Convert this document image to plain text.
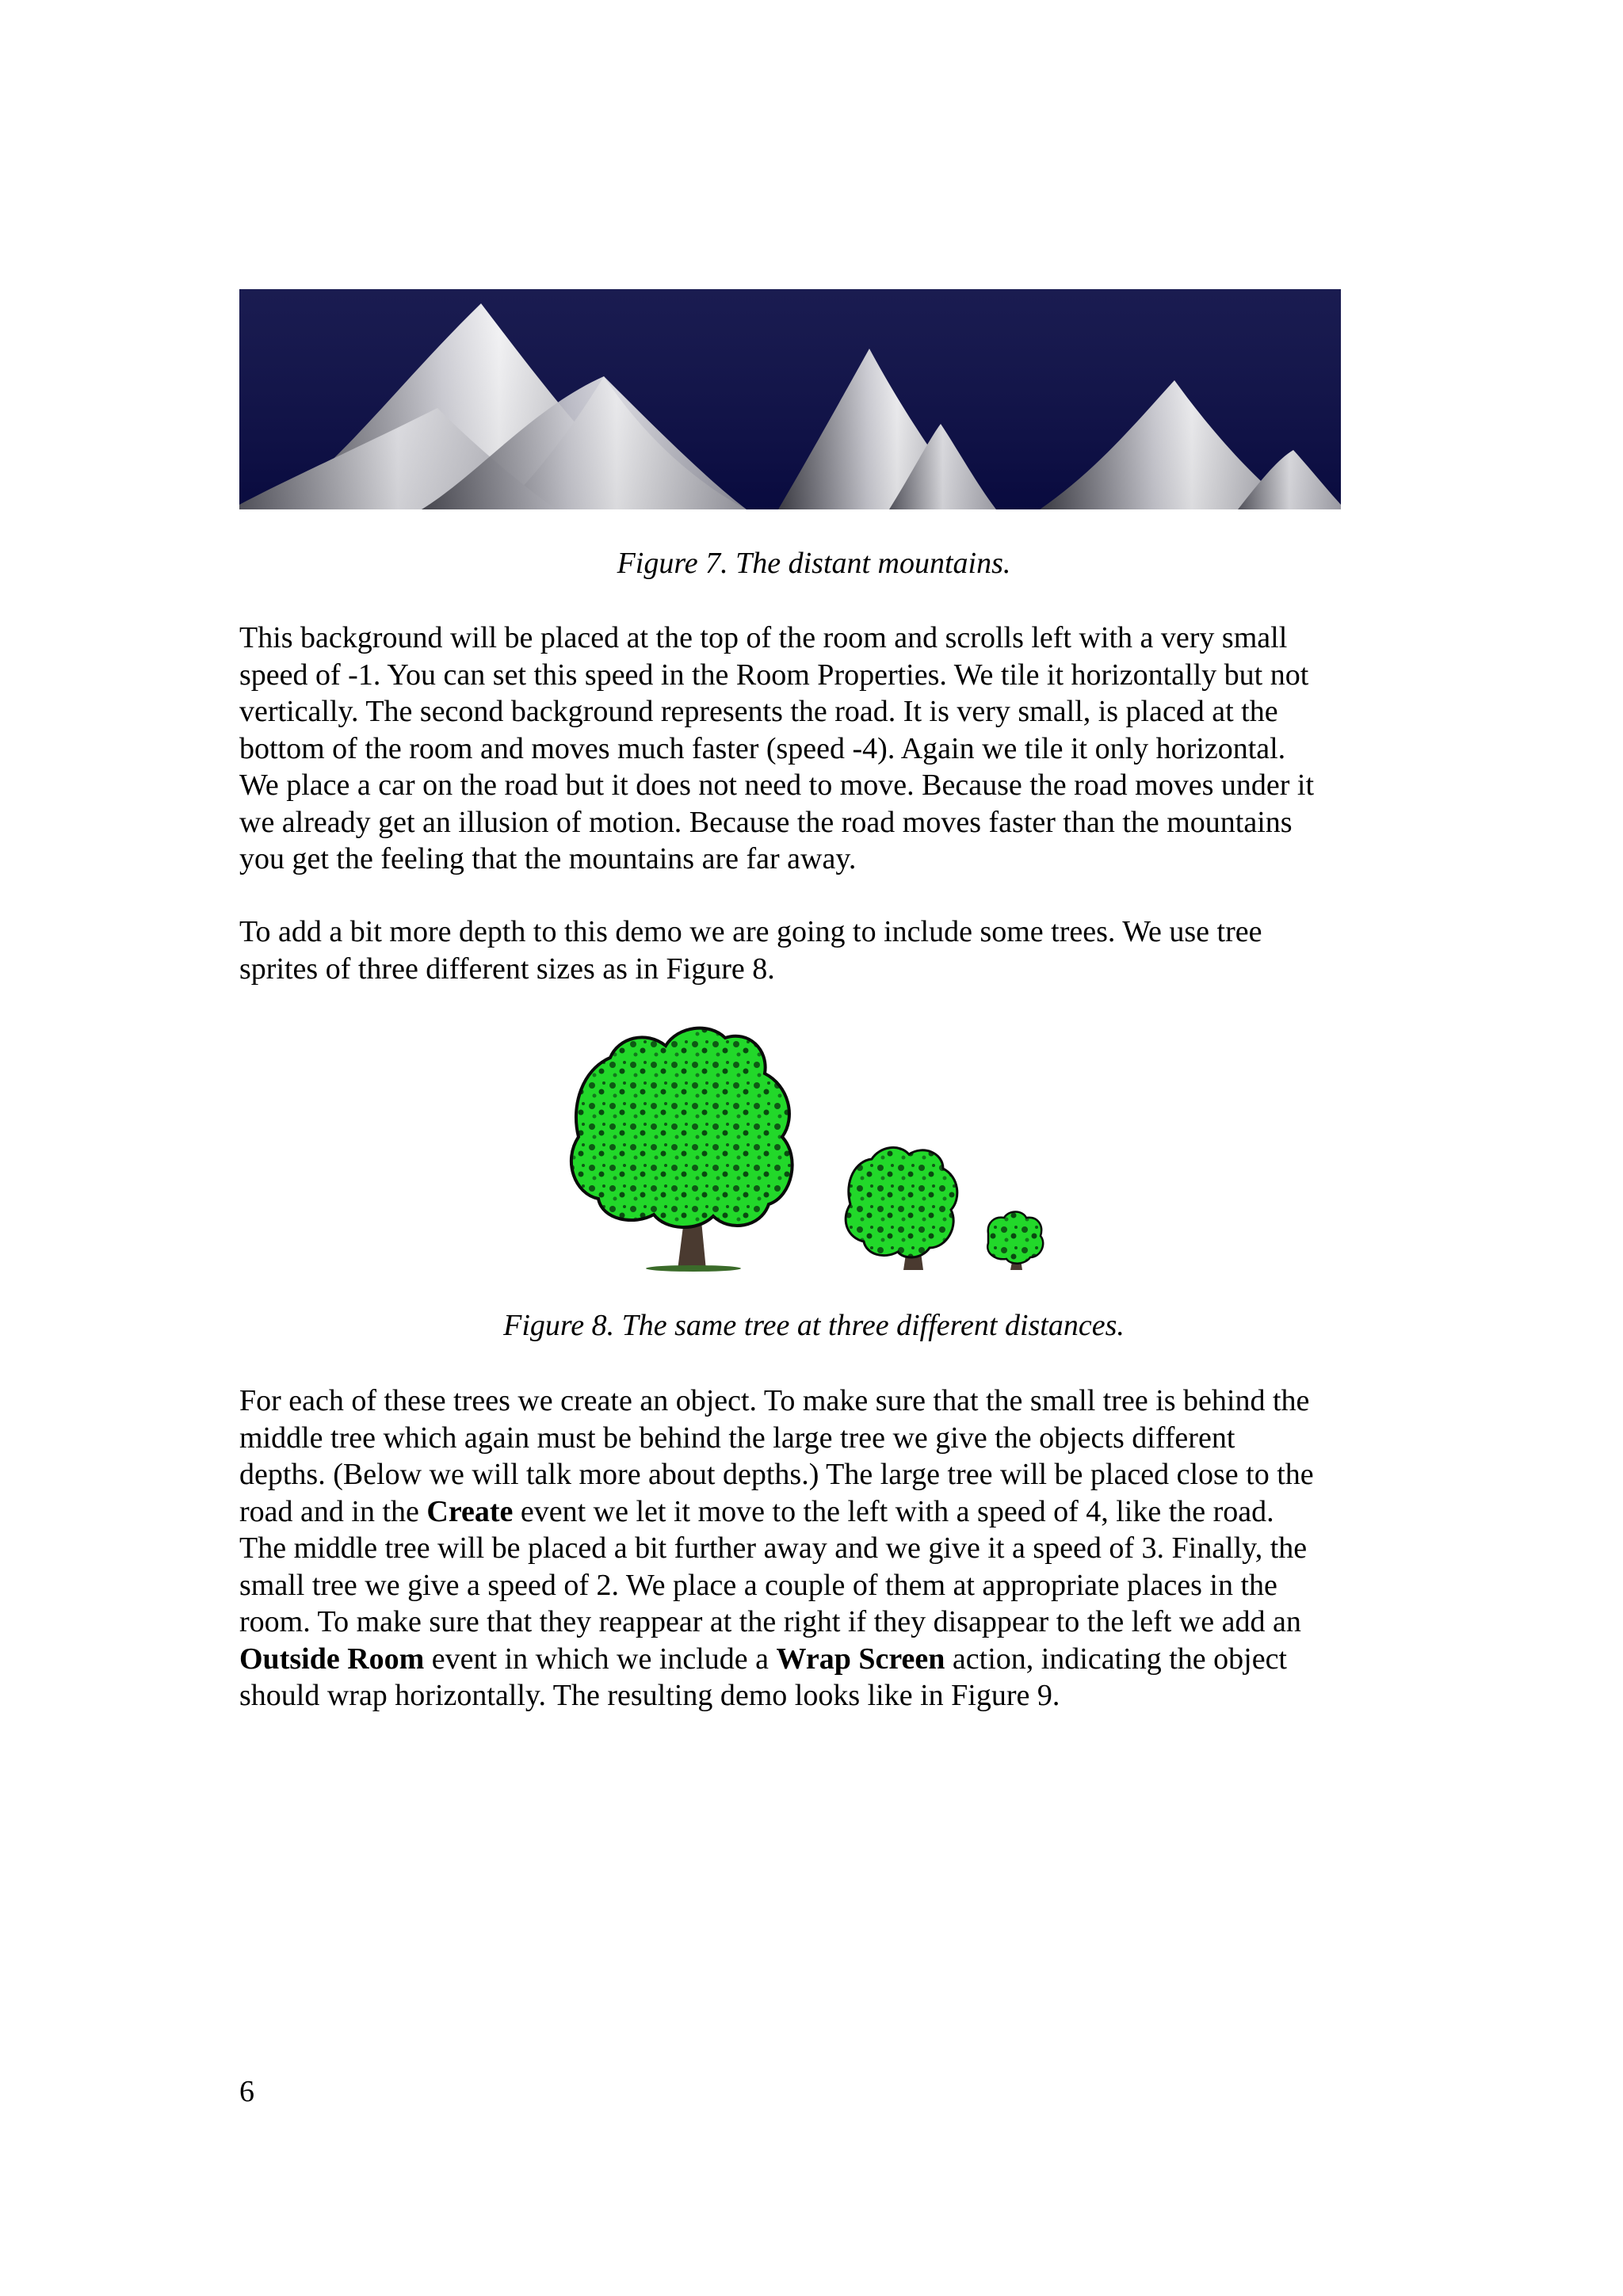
Figure 7. The distant mountains.

This background will be placed at the top of the room and scrolls left with a very small
speed of -1. You can set this speed in the Room Properties. We tile it horizontally but not
vertically. The second background represents the road. It is very small, is placed at the
bottom of the room and moves much faster (speed -4). Again we tile it only horizontal.
We place a car on the road but it does not need to move. Because the road moves under it
we already get an illusion of motion. Because the road moves faster than the mountains
you get the feeling that the mountains are far away.

To add a bit more depth to this demo we are going to include some trees. We use tree
sprites of three different sizes as in Figure 8.

Figure 8. The same tree at three different distances.

For each of these trees we create an object. To make sure that the small tree is behind the
middle tree which again must be behind the large tree we give the objects different
depths. (Below we will talk more about depths.) The large tree will be placed close to the
road and in the Create event we let it move to the left with a speed of 4, like the road.
The middle tree will be placed a bit further away and we give it a speed of 3. Finally, the
small tree we give a speed of 2. We place a couple of them at appropriate places in the
room. To make sure that they reappear at the right if they disappear to the left we add an
Outside Room event in which we include a Wrap Screen action, indicating the object
should wrap horizontally. The resulting demo looks like in Figure 9.

6
